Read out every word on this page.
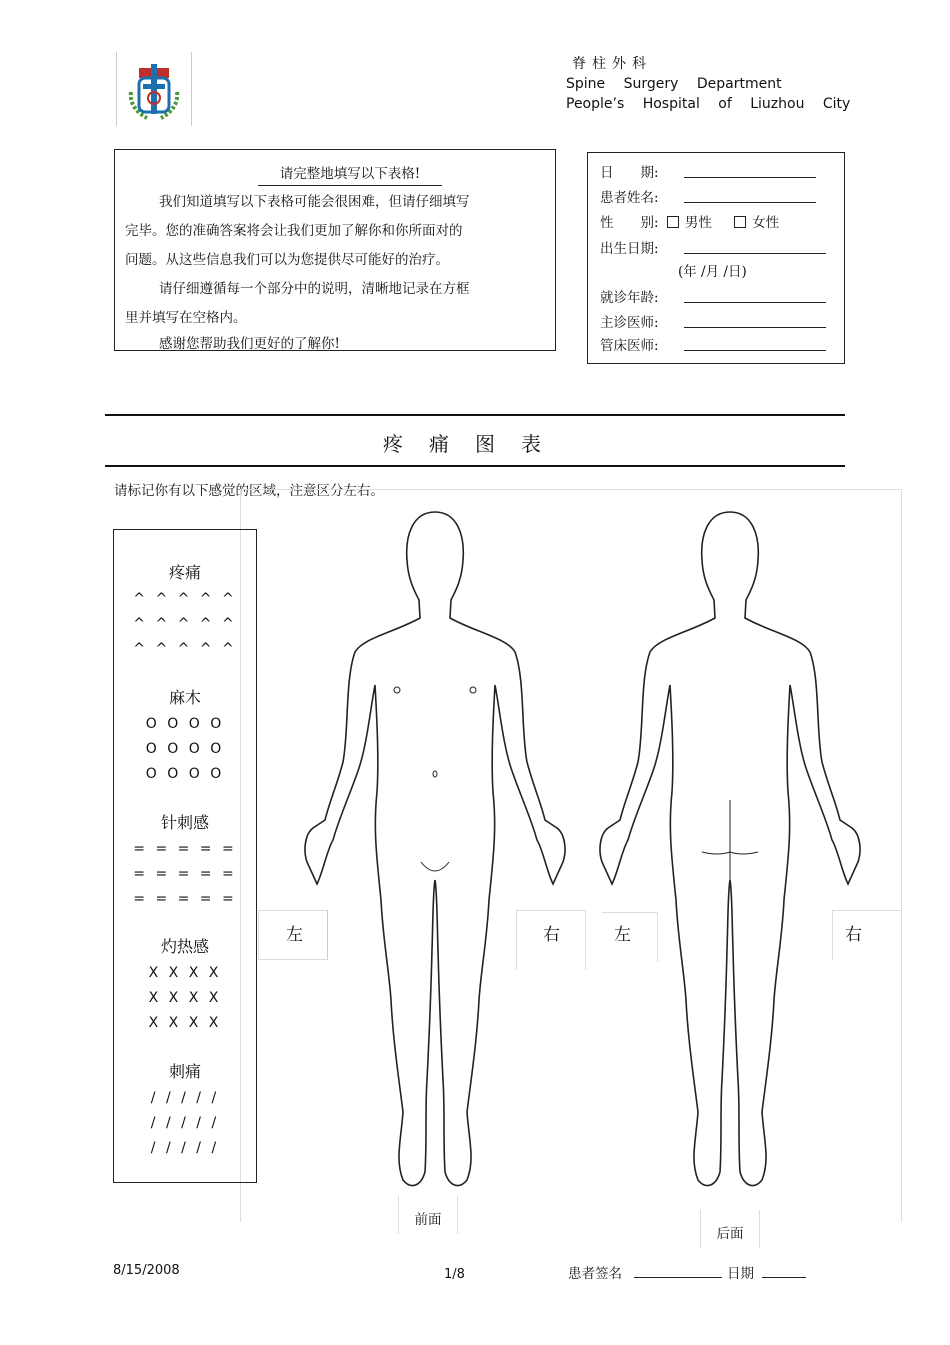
脊柱外科
Spine Surgery Department
People’s Hospital of Liuzhou City
请完整地填写以下表格!

我们知道填写以下表格可能会很困难，但请仔细填写

完毕。您的准确答案将会让我们更加了解你和你所面对的

问题。从这些信息我们可以为您提供尽可能好的治疗。

请仔细遵循每一个部分中的说明，清晰地记录在方框

里并填写在空格内。

感谢您帮助我们更好的了解你!

日　　期:
患者姓名:
性　　别: 男性	女性
出生日期:
(年 /月 /日)
就诊年龄:
主诊医师:
管床医师:
疼痛图表
请标记你有以下感觉的区域，注意区分左右。
疼痛
^ ^ ^ ^ ^
^ ^ ^ ^ ^
^ ^ ^ ^ ^
麻木
O O O O
O O O O
O O O O
针刺感
= = = = =
= = = = =
= = = = =
灼热感
X X X X
X X X X
X X X X
刺痛
/ / / / /
/ / / / /
/ / / / /
左	右	左	右
前面
后面
8/15/2008	1/8	患者签名	日期
